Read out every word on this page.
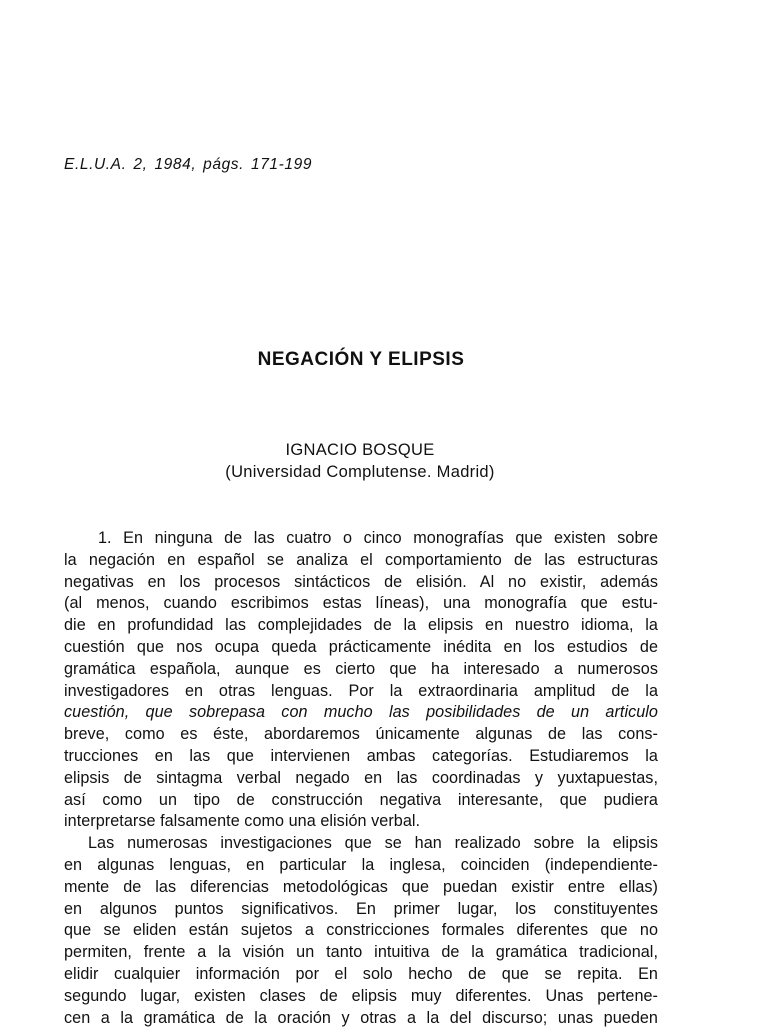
E.L.U.A. 2, 1984, págs. 171-199
NEGACIÓN Y ELIPSIS
IGNACIO BOSQUE
(Universidad Complutense. Madrid)
1. En ninguna de las cuatro o cinco monografías que existen sobre
la negación en español se analiza el comportamiento de las estructuras
negativas en los procesos sintácticos de elisión. Al no existir, además
(al menos, cuando escribimos estas líneas), una monografía que estu-
die en profundidad las complejidades de la elipsis en nuestro idioma, la
cuestión que nos ocupa queda prácticamente inédita en los estudios de
gramática española, aunque es cierto que ha interesado a numerosos
investigadores en otras lenguas. Por la extraordinaria amplitud de la
cuestión, que sobrepasa con mucho las posibilidades de un articulo
breve, como es éste, abordaremos únicamente algunas de las cons-
trucciones en las que intervienen ambas categorías. Estudiaremos la
elipsis de sintagma verbal negado en las coordinadas y yuxtapuestas,
así como un tipo de construcción negativa interesante, que pudiera
interpretarse falsamente como una elisión verbal.
Las numerosas investigaciones que se han realizado sobre la elipsis
en algunas lenguas, en particular la inglesa, coinciden (independiente-
mente de las diferencias metodológicas que puedan existir entre ellas)
en algunos puntos significativos. En primer lugar, los constituyentes
que se eliden están sujetos a constricciones formales diferentes que no
permiten, frente a la visión un tanto intuitiva de la gramática tradicional,
elidir cualquier información por el solo hecho de que se repita. En
segundo lugar, existen clases de elipsis muy diferentes. Unas pertene-
cen a la gramática de la oración y otras a la del discurso; unas pueden
